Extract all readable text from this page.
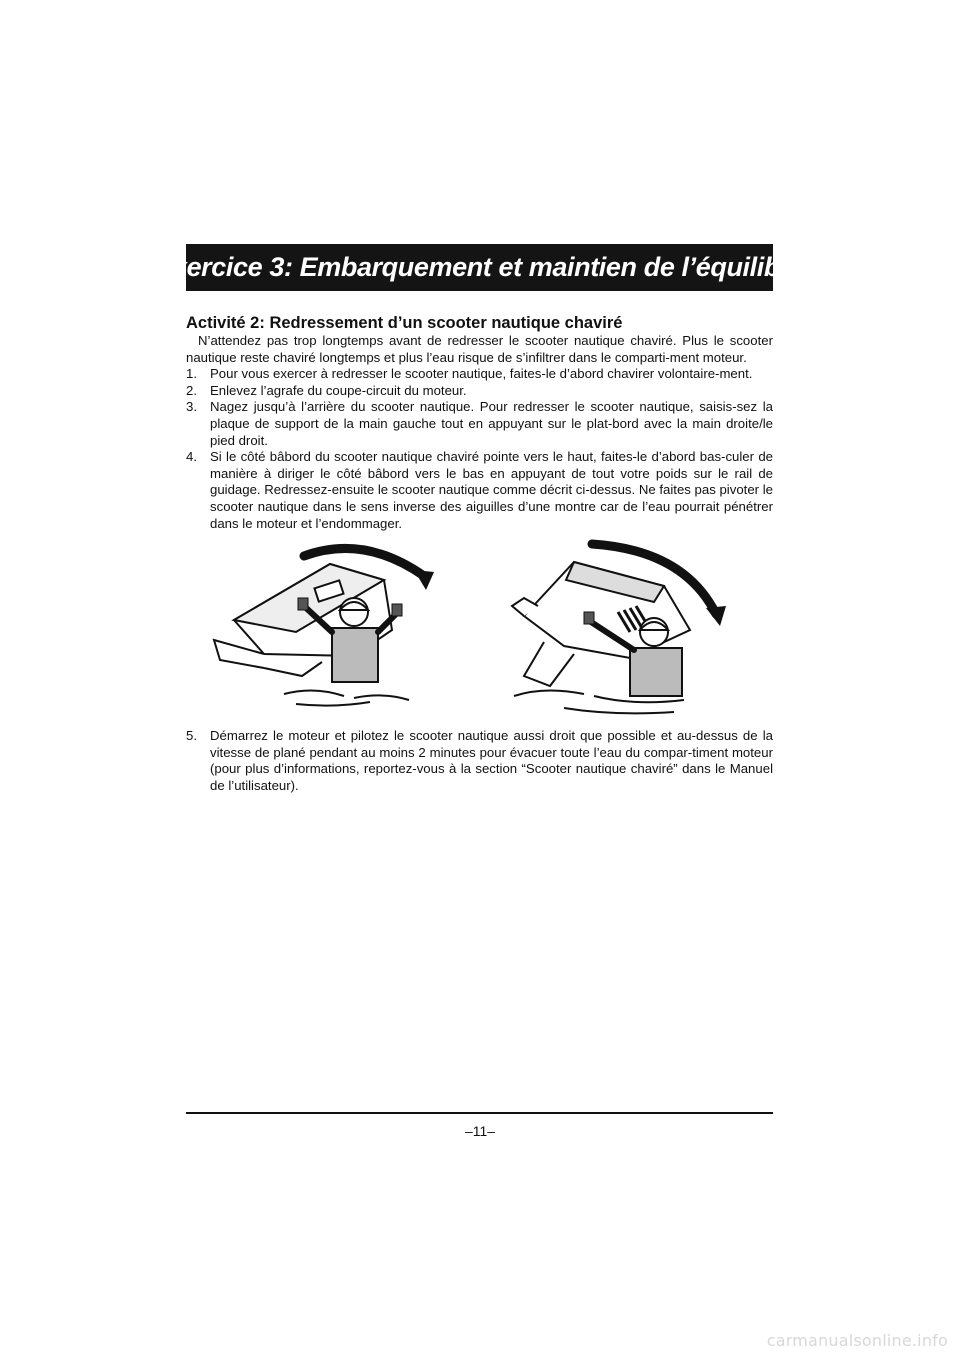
Exercice 3: Embarquement et maintien de l’équilibre
Activité 2: Redressement d’un scooter nautique chaviré

N’attendez pas trop longtemps avant de redresser le scooter nautique chaviré. Plus le scooter nautique reste chaviré longtemps et plus l’eau risque de s’infiltrer dans le comparti-ment moteur.

1. Pour vous exercer à redresser le scooter nautique, faites-le d’abord chavirer volontaire-ment.
2. Enlevez l’agrafe du coupe-circuit du moteur.
3. Nagez jusqu’à l’arrière du scooter nautique. Pour redresser le scooter nautique, saisis-sez la plaque de support de la main gauche tout en appuyant sur le plat-bord avec la main droite/le pied droit.
4. Si le côté bâbord du scooter nautique chaviré pointe vers le haut, faites-le d’abord bas-culer de manière à diriger le côté bâbord vers le bas en appuyant de tout votre poids sur le rail de guidage. Redressez-ensuite le scooter nautique comme décrit ci-dessus. Ne faites pas pivoter le scooter nautique dans le sens inverse des aiguilles d’une montre car de l’eau pourrait pénétrer dans le moteur et l’endommager.
5. Démarrez le moteur et pilotez le scooter nautique aussi droit que possible et au-dessus de la vitesse de plané pendant au moins 2 minutes pour évacuer toute l’eau du compar-timent moteur (pour plus d’informations, reportez-vous à la section “Scooter nautique chaviré” dans le Manuel de l’utilisateur).
–11–
carmanualsonline.info
